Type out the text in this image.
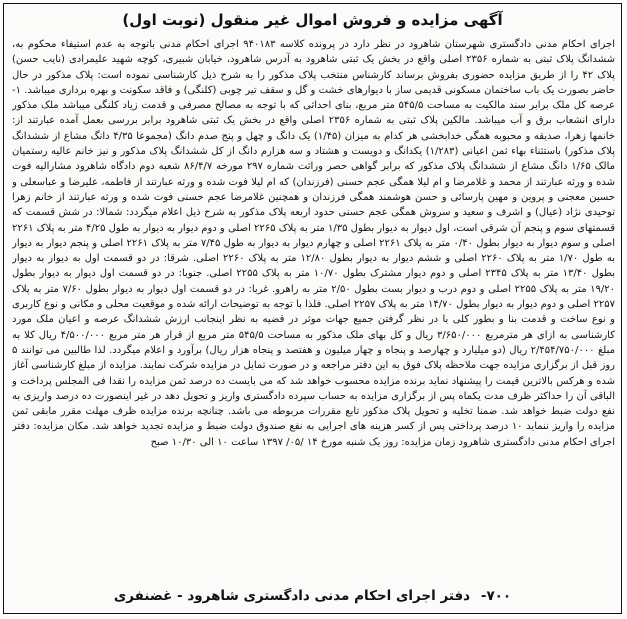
آگهی مزایده و فروش اموال غیر منقول (نوبت اول)
اجرای احکام مدنی دادگستری شهرستان شاهرود در نظر دارد در پرونده کلاسه ۹۴۰۱۸۳ اجرای احکام مدنی باتوجه به عدم استیفاء محکوم به، ششدانگ پلاک ثبتی به شماره ۲۳۵۶ اصلی واقع در بخش یک ثبتی شاهرود به آدرس شاهرود، خیابان شبیری، کوچه شهید علیمرادی (نایب حسن) پلاک ۴۲ را از طریق مزایده حضوری بفروش برساند کارشناس منتخب پلاک مذکور را به شرح ذیل کارشناسی نموده است: پلاک مذکور در حال حاضر بصورت یک باب ساختمان مسکونی قدیمی ساز با دیوارهای خشت و گل و سقف تیر چوبی (کلنگی) و فاقد سکونت و بهره برداری میباشد. ۱- عرصه کل ملک برابر سند مالکیت به مساحت ۵۴۵/۵ متر مربع، بنای احداثی که با توجه به مصالح مصرفی و قدمت زیاد کلنگی میباشد ملک مذکور دارای انشعاب برق و آب میباشد. مالکین پلاک ثبتی به شماره ۲۳۵۶ اصلی واقع در بخش یک ثبتی شاهرود برابر بررسی بعمل آمده عبارتند از: خانمها زهرا، صدیقه و محبوبه همگی خدابخشی هر کدام به میزان (۱/۴۵) یک دانگ و چهل و پنج صدم دانگ (مجموعا ۴/۳۵ دانگ مشاع از ششدانگ پلاک مذکور) باستثناء بهاء ثمن اعیانی (۱/۲۸۳) یکدانگ و دویست و هشتاد و سه هزارم دانگ از کل ششدانگ پلاک مذکور و نیز خانم عالیه رستمیان مالک ۱/۶۵ دانگ مشاع از ششدانگ پلاک مذکور که برابر گواهی حصر وراثت شماره ۲۹۷ مورخه ۸۶/۴/۷ شعبه دوم دادگاه شاهرود مشارالیه فوت شده و ورثه عبارتند از محمد و غلامرضا و ام لیلا همگی عجم حسنی (فرزندان) که ام لیلا فوت شده و ورثه عبارتند از فاطمه، علیرضا و عباسعلی و حسین معجنی و پروین و مهین پارسائی و حسن هوشمند همگی فرزندان و همچنین غلامرضا عجم حسنی فوت شده و ورثه عبارتند از خانم زهرا توحیدی نژاد (عیال) و اشرف و سعید و سروش همگی عجم حسنی حدود اربعه پلاک مذکور به شرح ذیل اعلام میگردد: شمالا: در شش قسمت که قسمتهای سوم و پنجم آن شرقی است، اول دیوار به دیوار بطول ۱/۳۵ متر به پلاک ۲۲۶۵ اصلی و دوم دیوار به دیوار به طول ۴/۲۵ متر به پلاک ۲۲۶۱ اصلی و سوم دیوار به دیوار بطول ۰/۴۰ متر به پلاک ۲۲۶۱ اصلی و چهارم دیوار به دیوار به طول ۷/۴۵ متر به پلاک ۲۲۶۱ اصلی و پنجم دیوار به دیوار به طول ۱/۷۰ متر به پلاک ۲۲۶۰ اصلی و ششم دیوار به دیوار بطول ۱۲/۸۰ متر به پلاک ۲۲۶۰ اصلی. شرقا: در دو قسمت اول به دیوار به دیوار بطول ۱۳/۴۰ متر به پلاک ۲۳۴۵ اصلی و دوم دیوار مشترک بطول ۱۰/۷۰ متر به پلاک ۲۲۵۵ اصلی. جنوبا: در دو قسمت اول دیوار به دیوار بطول ۱۹/۲۰ متر به پلاک ۲۲۵۵ اصلی و دوم درب و دیوار بست بطول ۲/۵۰ متر به راهرو. غربا: در دو قسمت اول دیوار به دیوار بطول ۷/۶۰ متر به پلاک ۲۲۵۷ اصلی و دوم دیوار به دیوار بطول ۱۴/۷۰ متر به پلاک ۲۲۵۷ اصلی. فلذا با توجه به توضیحات ارائه شده و موقعیت محلی و مکانی و نوع کاربری و نوع ساخت و قدمت بنا و بطور کلی با در نظر گرفتن جمیع جهات موثر در قضیه به نظر اینجانب ارزش ششدانگ عرصه و اعیان ملک مورد کارشناسی به ازای هر مترمربع ۳/۶۵۰/۰۰۰ ریال و کل بهای ملک مذکور به مساحت ۵۴۵/۵ متر مربع از قرار هر متر مربع ۴/۵۰۰/۰۰۰ ریال کلا به مبلغ ۲/۴۵۴/۷۵۰/۰۰۰ ریال (دو میلیارد و چهارصد و پنجاه و چهار میلیون و هفتصد و پنجاه هزار ریال) برآورد و اعلام میگردد. لذا طالبین می توانند ۵ روز قبل از برگزاری مزایده جهت ملاحظه پلاک فوق به این دفتر مراجعه و در صورت تمایل در مزایده شرکت نمایند. مزایده از مبلغ کارشناسی آغاز شده و هرکس بالاترین قیمت را پیشنهاد نماید برنده مزایده محسوب خواهد شد که می بایست ده درصد ثمن مزایده را نقدا فی المجلس پرداخت و الباقی آن را حداکثر ظرف مدت یکماه پس از برگزاری مزایده به حساب سپرده دادگستری واریز و تحویل دهد در غیر اینصورت ده درصد واریزی به نفع دولت ضبط خواهد شد. ضمنا تخلیه و تحویل پلاک مذکور تابع مقررات مربوطه می باشد. چنانچه برنده مزایده ظرف مهلت مقرر مابقی ثمن مزایده را واریز ننماید ۱۰ درصد پرداختی پس از کسر هزینه های اجرایی به نفع صندوق دولت ضبط و مزایده تجدید خواهد شد. مکان مزایده: دفتر اجرای احکام مدنی دادگستری شاهرود زمان مزایده: روز یک شنبه مورخ ۱۴ /۰۵/ ۱۳۹۷ ساعت ۱۰ الی ۱۰/۳۰ صبح
۷۰۰- دفتر اجرای احکام مدنی دادگستری شاهرود - غضنفری
